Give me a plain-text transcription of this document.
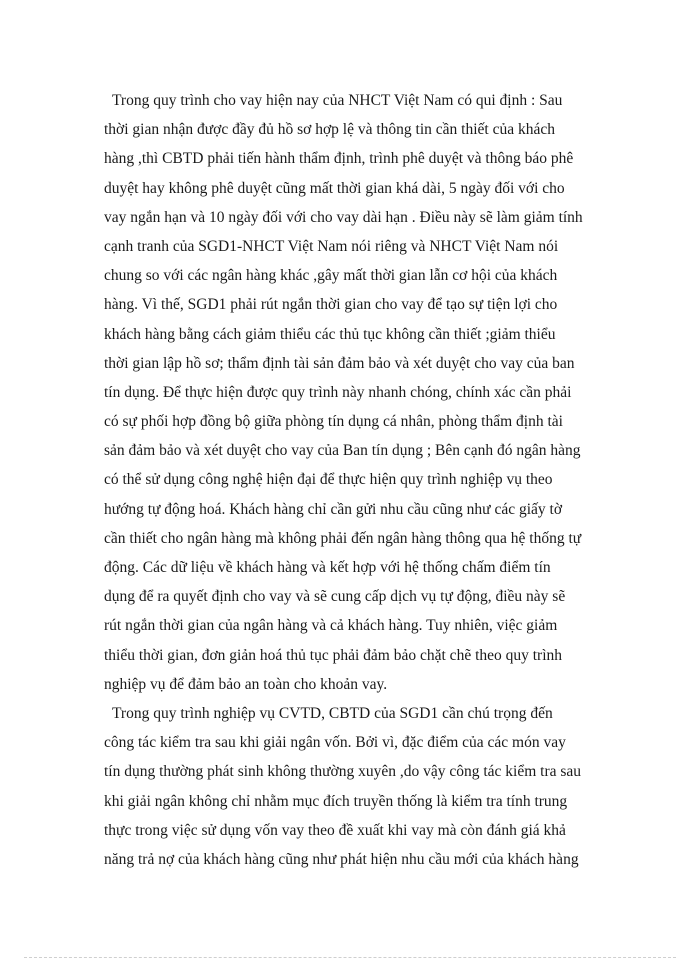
Trong quy trình cho vay hiện nay của NHCT Việt Nam có qui định : Sau
thời gian nhận được đầy đủ hồ sơ hợp lệ và thông tin cần thiết của khách
hàng ,thì CBTD phải tiến hành thẩm định, trình phê duyệt và thông báo phê
duyệt hay không phê duyệt cũng mất thời gian khá dài, 5 ngày đối với cho
vay ngắn hạn và 10 ngày đối với cho vay dài hạn . Điều này sẽ làm giảm tính
cạnh tranh của SGD1-NHCT Việt Nam nói riêng và NHCT Việt Nam nói
chung so với các ngân hàng khác ,gây mất thời gian lẫn cơ hội của khách
hàng. Vì thế, SGD1 phải rút ngắn thời gian cho vay để tạo sự tiện lợi cho
khách hàng bằng cách giảm thiểu các thủ tục không cần thiết ;giảm thiểu
thời gian lập hồ sơ; thẩm định tài sản đảm bảo và xét duyệt cho vay của ban
tín dụng. Để thực hiện được quy trình này nhanh chóng, chính xác cần phải
có sự phối hợp đồng bộ giữa phòng tín dụng cá nhân, phòng thẩm định tài
sản đảm bảo và xét duyệt cho vay của Ban tín dụng ; Bên cạnh đó ngân hàng
có thể sử dụng công nghệ hiện đại để thực hiện quy trình nghiệp vụ theo
hướng tự động hoá. Khách hàng chỉ cần gửi nhu cầu cũng như các giấy tờ
cần thiết cho ngân hàng mà không phải đến ngân hàng thông qua hệ thống tự
động. Các dữ liệu về khách hàng và kết hợp với hệ thống chấm điểm tín
dụng để ra quyết định cho vay và sẽ cung cấp dịch vụ tự động, điều này sẽ
rút ngắn thời gian của ngân hàng và cả khách hàng. Tuy nhiên, việc giảm
thiểu thời gian, đơn giản hoá thủ tục phải đảm bảo chặt chẽ theo quy trình
nghiệp vụ để đảm bảo an toàn cho khoản vay.
Trong quy trình nghiệp vụ CVTD, CBTD của SGD1 cần chú trọng đến
công tác kiểm tra sau khi giải ngân vốn. Bởi vì, đặc điểm của các món vay
tín dụng thường phát sinh không thường xuyên ,do vậy công tác kiểm tra sau
khi giải ngân không chỉ nhằm mục đích truyền thống là kiểm tra tính trung
thực trong việc sử dụng vốn vay theo đề xuất khi vay mà còn đánh giá khả
năng trả nợ của khách hàng cũng như phát hiện nhu cầu mới của khách hàng
